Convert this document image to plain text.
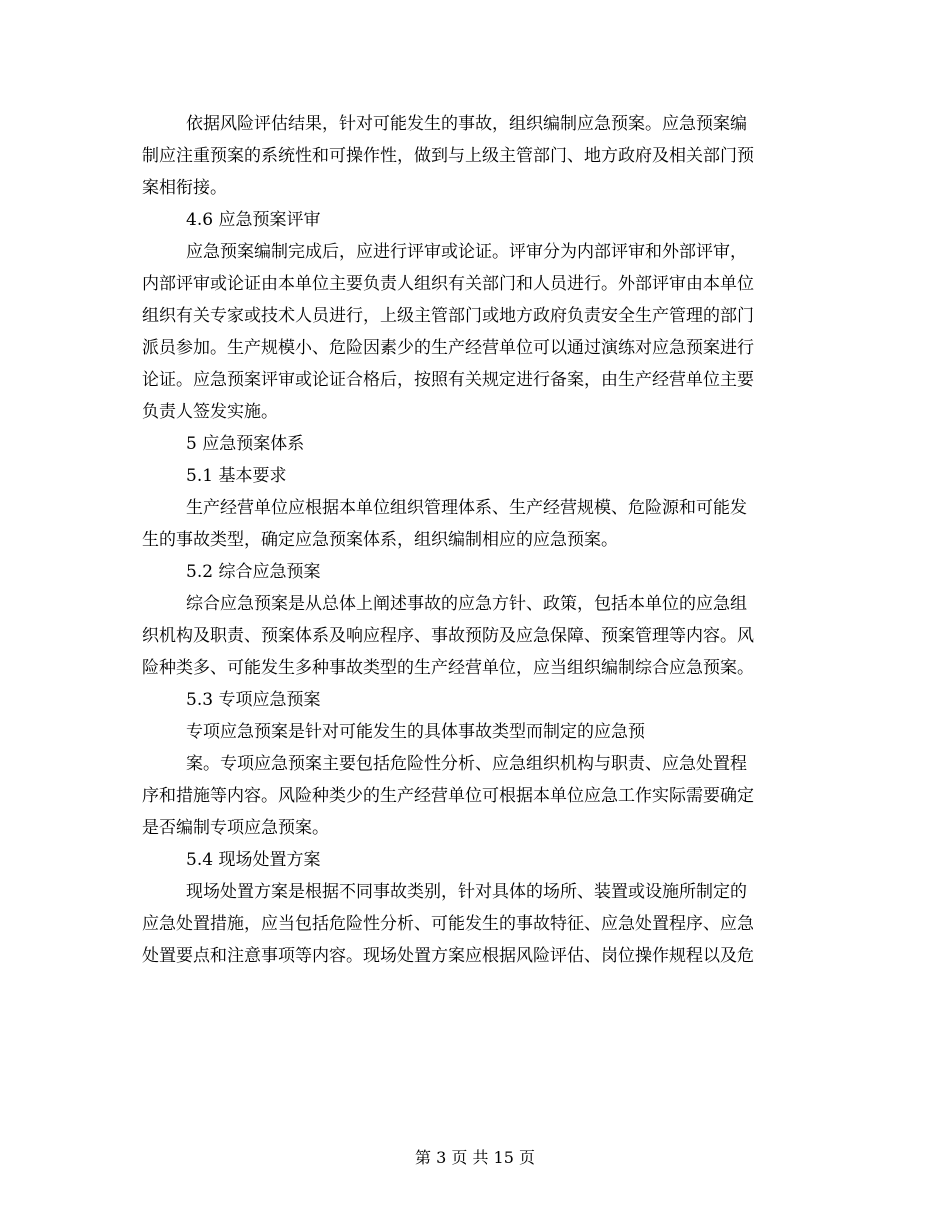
依据风险评估结果，针对可能发生的事故，组织编制应急预案。应急预案编

制应注重预案的系统性和可操作性，做到与上级主管部门、地方政府及相关部门预

案相衔接。

4.6 应急预案评审

应急预案编制完成后，应进行评审或论证。评审分为内部评审和外部评审，

内部评审或论证由本单位主要负责人组织有关部门和人员进行。外部评审由本单位

组织有关专家或技术人员进行，上级主管部门或地方政府负责安全生产管理的部门

派员参加。生产规模小、危险因素少的生产经营单位可以通过演练对应急预案进行

论证。应急预案评审或论证合格后，按照有关规定进行备案，由生产经营单位主要

负责人签发实施。

5 应急预案体系

5.1 基本要求

生产经营单位应根据本单位组织管理体系、生产经营规模、危险源和可能发

生的事故类型，确定应急预案体系，组织编制相应的应急预案。

5.2 综合应急预案

综合应急预案是从总体上阐述事故的应急方针、政策，包括本单位的应急组

织机构及职责、预案体系及响应程序、事故预防及应急保障、预案管理等内容。风

险种类多、可能发生多种事故类型的生产经营单位，应当组织编制综合应急预案。

5.3 专项应急预案

专项应急预案是针对可能发生的具体事故类型而制定的应急预

案。专项应急预案主要包括危险性分析、应急组织机构与职责、应急处置程

序和措施等内容。风险种类少的生产经营单位可根据本单位应急工作实际需要确定

是否编制专项应急预案。

5.4 现场处置方案

现场处置方案是根据不同事故类别，针对具体的场所、装置或设施所制定的

应急处置措施，应当包括危险性分析、可能发生的事故特征、应急处置程序、应急

处置要点和注意事项等内容。现场处置方案应根据风险评估、岗位操作规程以及危

第 3 页 共 15 页
